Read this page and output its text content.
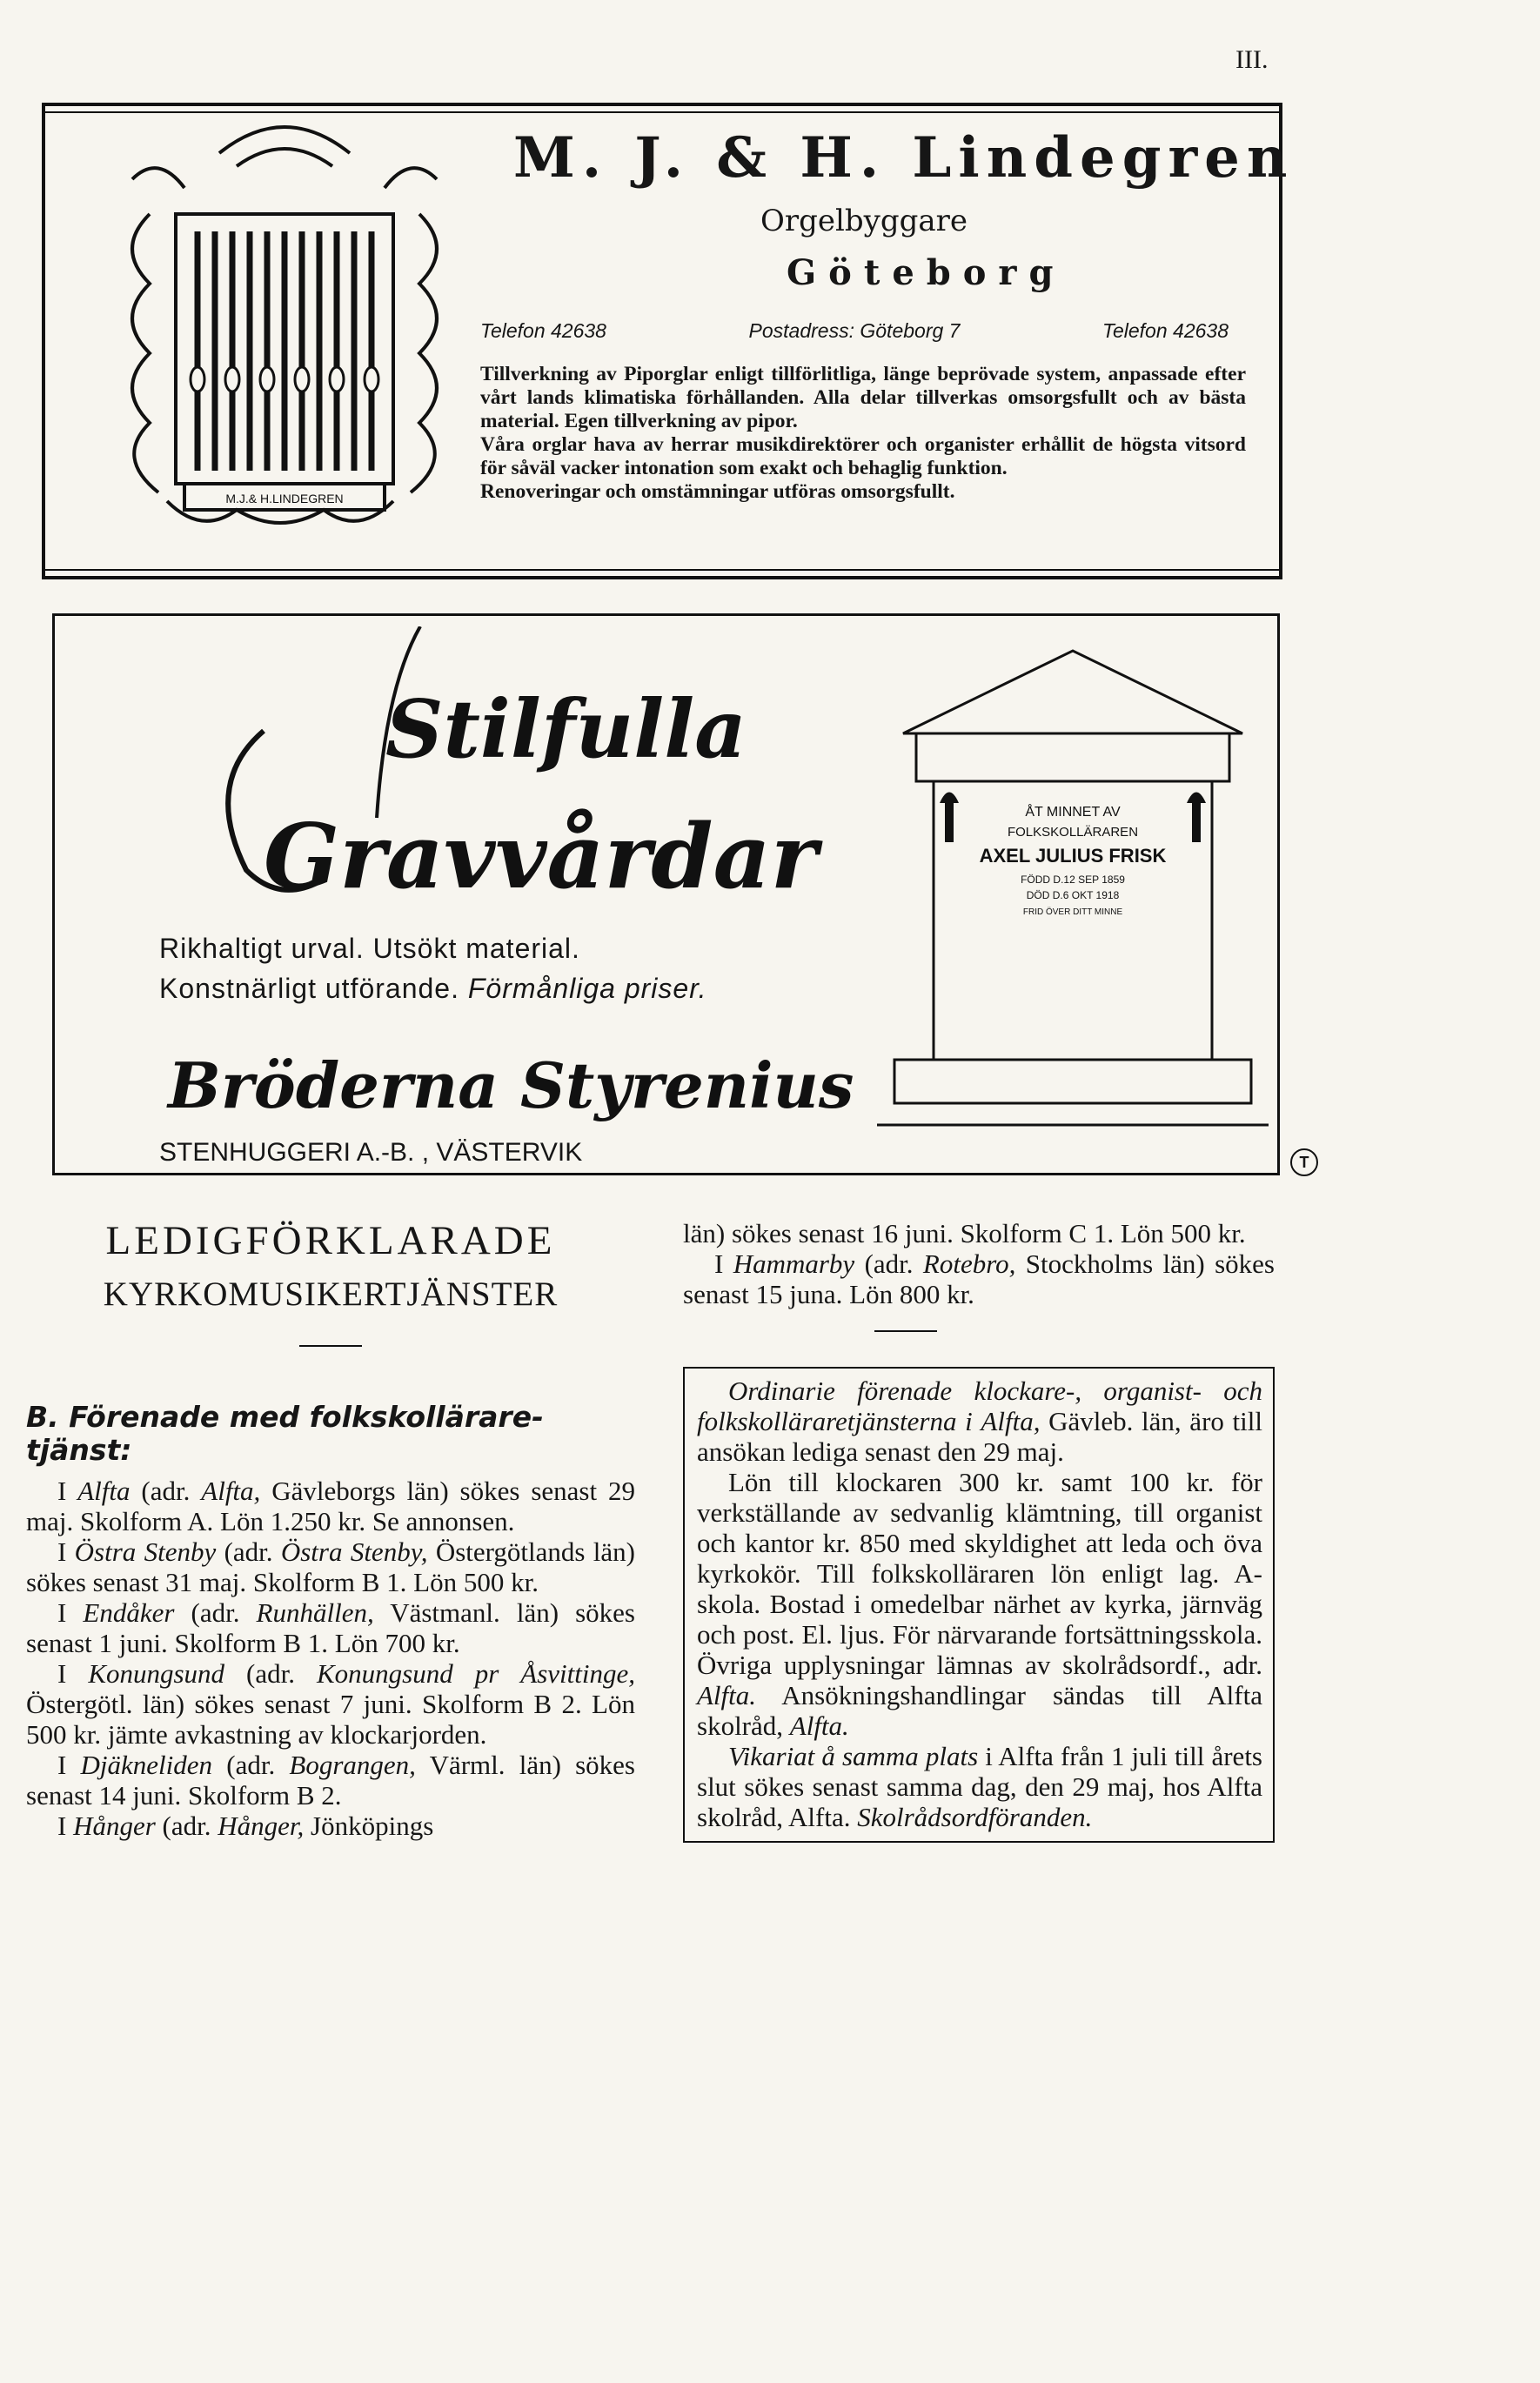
III.
M.J.& H.LINDEGREN
M. J. & H. Lindegren
Orgelbyggare
Göteborg
Telefon 42638	Postadress: Göteborg 7	Telefon 42638

Tillverkning av Piporglar enligt tillförlitliga, länge beprövade system, anpassade efter vårt lands klimatiska förhållanden. Alla delar tillverkas omsorgsfullt och av bästa material. Egen tillverkning av pipor.

Våra orglar hava av herrar musikdirektörer och organister erhållit de högsta vitsord för såväl vacker intonation som exakt och behaglig funktion.

Renoveringar och omstämningar utföras omsorgsfullt.

Stilfulla
Gravvårdar
Rikhaltigt urval. Utsökt material.
Konstnärligt utförande. Förmånliga priser.
Bröderna Styrenius
STENHUGGERI A.-B. , VÄSTERVIK
ÅT MINNET AV
FOLKSKOLLÄRAREN
AXEL JULIUS FRISK
FÖDD D.12 SEP 1859
DÖD D.6 OKT 1918
FRID ÖVER DITT MINNE
T

LEDIGFÖRKLARADE

KYRKOMUSIKERTJÄNSTER

B. Förenade med folkskolläraretjänst:

I Alfta (adr. Alfta, Gävleborgs län) sökes senast 29 maj. Skolform A. Lön 1.250 kr. Se annonsen.

I Östra Stenby (adr. Östra Stenby, Östergötlands län) sökes senast 31 maj. Skolform B 1. Lön 500 kr.

I Endåker (adr. Runhällen, Västmanl. län) sökes senast 1 juni. Skolform B 1. Lön 700 kr.

I Konungsund (adr. Konungsund pr Åsvittinge, Östergötl. län) sökes senast 7 juni. Skolform B 2. Lön 500 kr. jämte avkastning av klockarjorden.

I Djäkneliden (adr. Bograngen, Värml. län) sökes senast 14 juni. Skolform B 2.

I Hånger (adr. Hånger, Jönköpings

län) sökes senast 16 juni. Skolform C 1. Lön 500 kr.

I Hammarby (adr. Rotebro, Stockholms län) sökes senast 15 juna. Lön 800 kr.

Ordinarie förenade klockare-, organist- och folkskolläraretjänsterna i Alfta, Gävleb. län, äro till ansökan lediga senast den 29 maj.

Lön till klockaren 300 kr. samt 100 kr. för verkställande av sedvanlig klämtning, till organist och kantor kr. 850 med skyldighet att leda och öva kyrkokör. Till folkskolläraren lön enligt lag. A-skola. Bostad i omedelbar närhet av kyrka, järnväg och post. El. ljus. För närvarande fortsättningsskola. Övriga upplysningar lämnas av skolrådsordf., adr. Alfta. Ansökningshandlingar sändas till Alfta skolråd, Alfta.

Vikariat å samma plats i Alfta från 1 juli till årets slut sökes senast samma dag, den 29 maj, hos Alfta skolråd, Alfta. Skolrådsordföranden.
